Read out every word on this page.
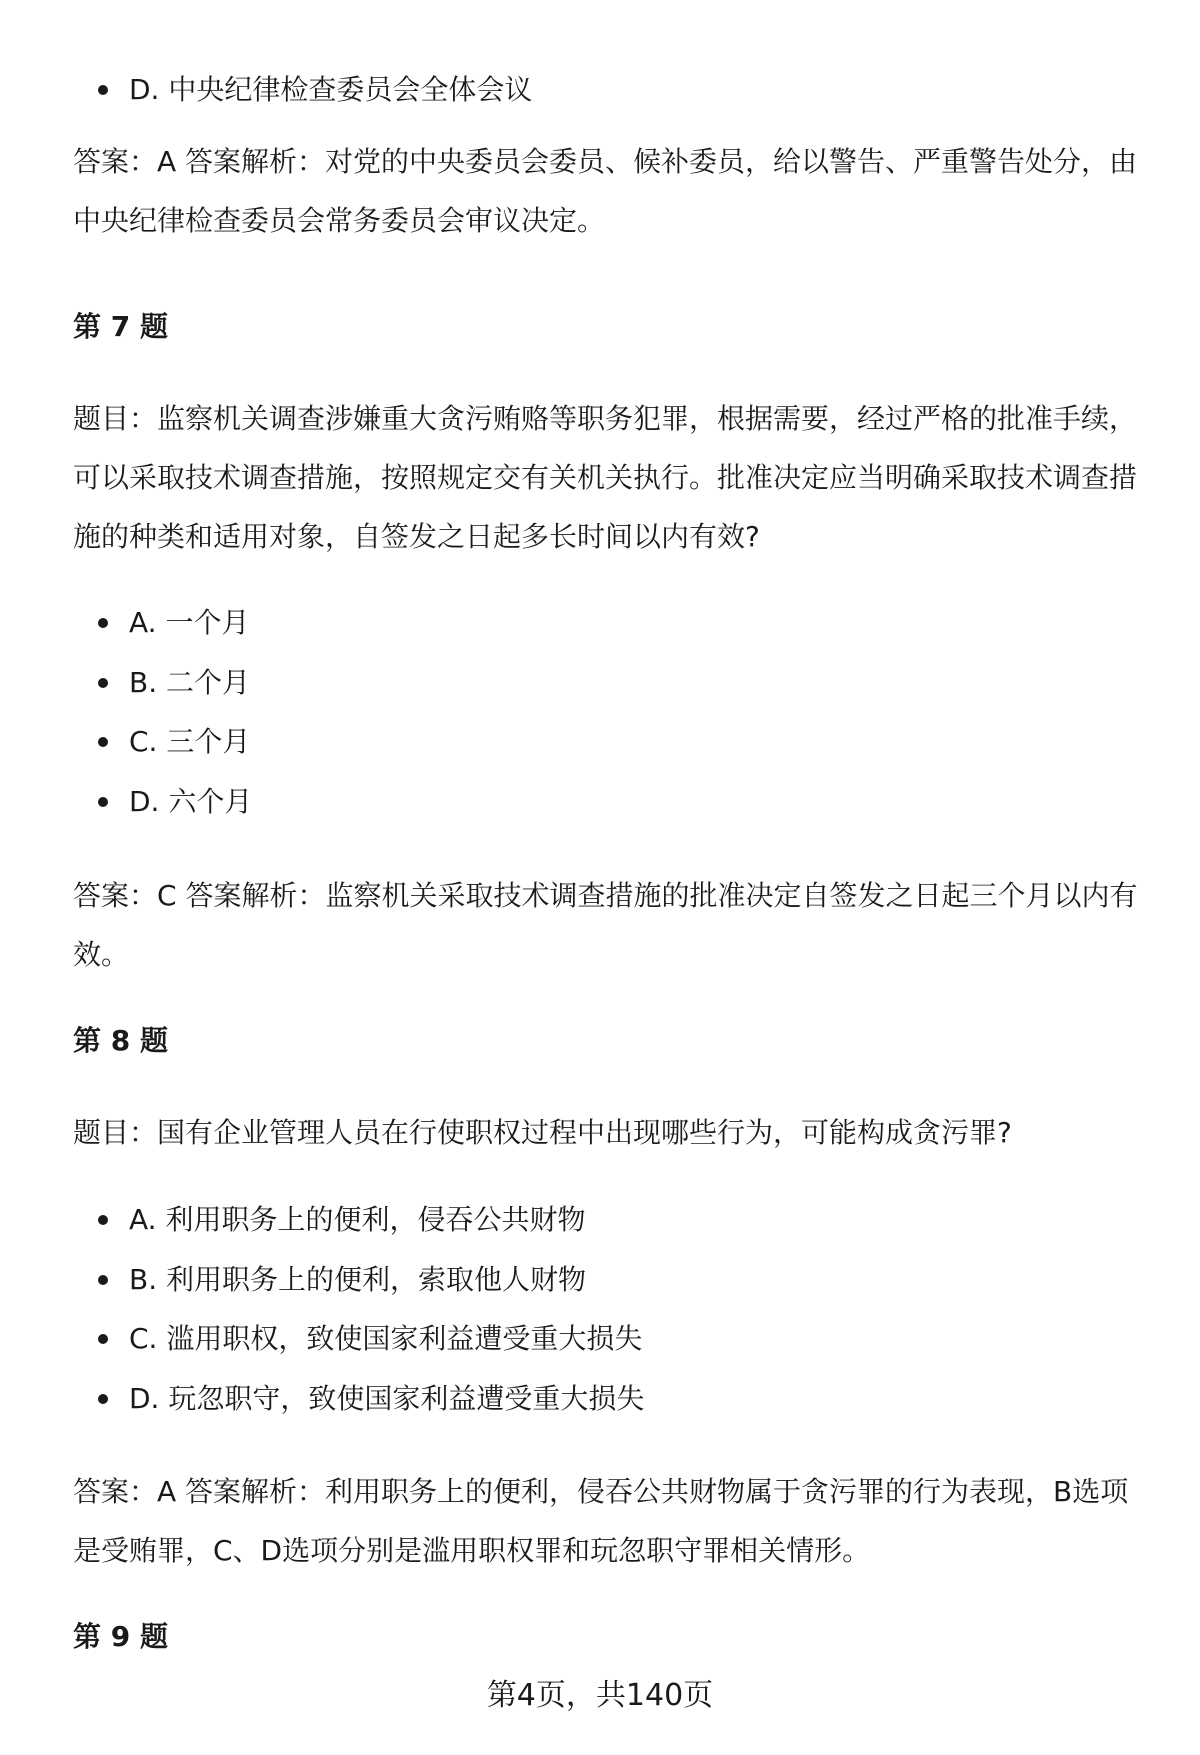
D. 中央纪律检查委员会全体会议

答案：A 答案解析：对党的中央委员会委员、候补委员，给以警告、严重警告处分，由中央纪律检查委员会常务委员会审议决定。

第 7 题

题目：监察机关调查涉嫌重大贪污贿赂等职务犯罪，根据需要，经过严格的批准手续，可以采取技术调查措施，按照规定交有关机关执行。批准决定应当明确采取技术调查措施的种类和适用对象，自签发之日起多长时间以内有效?

A. 一个月
B. 二个月
C. 三个月
D. 六个月

答案：C 答案解析：监察机关采取技术调查措施的批准决定自签发之日起三个月以内有效。

第 8 题

题目：国有企业管理人员在行使职权过程中出现哪些行为，可能构成贪污罪?

A. 利用职务上的便利，侵吞公共财物
B. 利用职务上的便利，索取他人财物
C. 滥用职权，致使国家利益遭受重大损失
D. 玩忽职守，致使国家利益遭受重大损失

答案：A 答案解析：利用职务上的便利，侵吞公共财物属于贪污罪的行为表现，B选项是受贿罪，C、D选项分别是滥用职权罪和玩忽职守罪相关情形。

第 9 题
第4页，共140页
